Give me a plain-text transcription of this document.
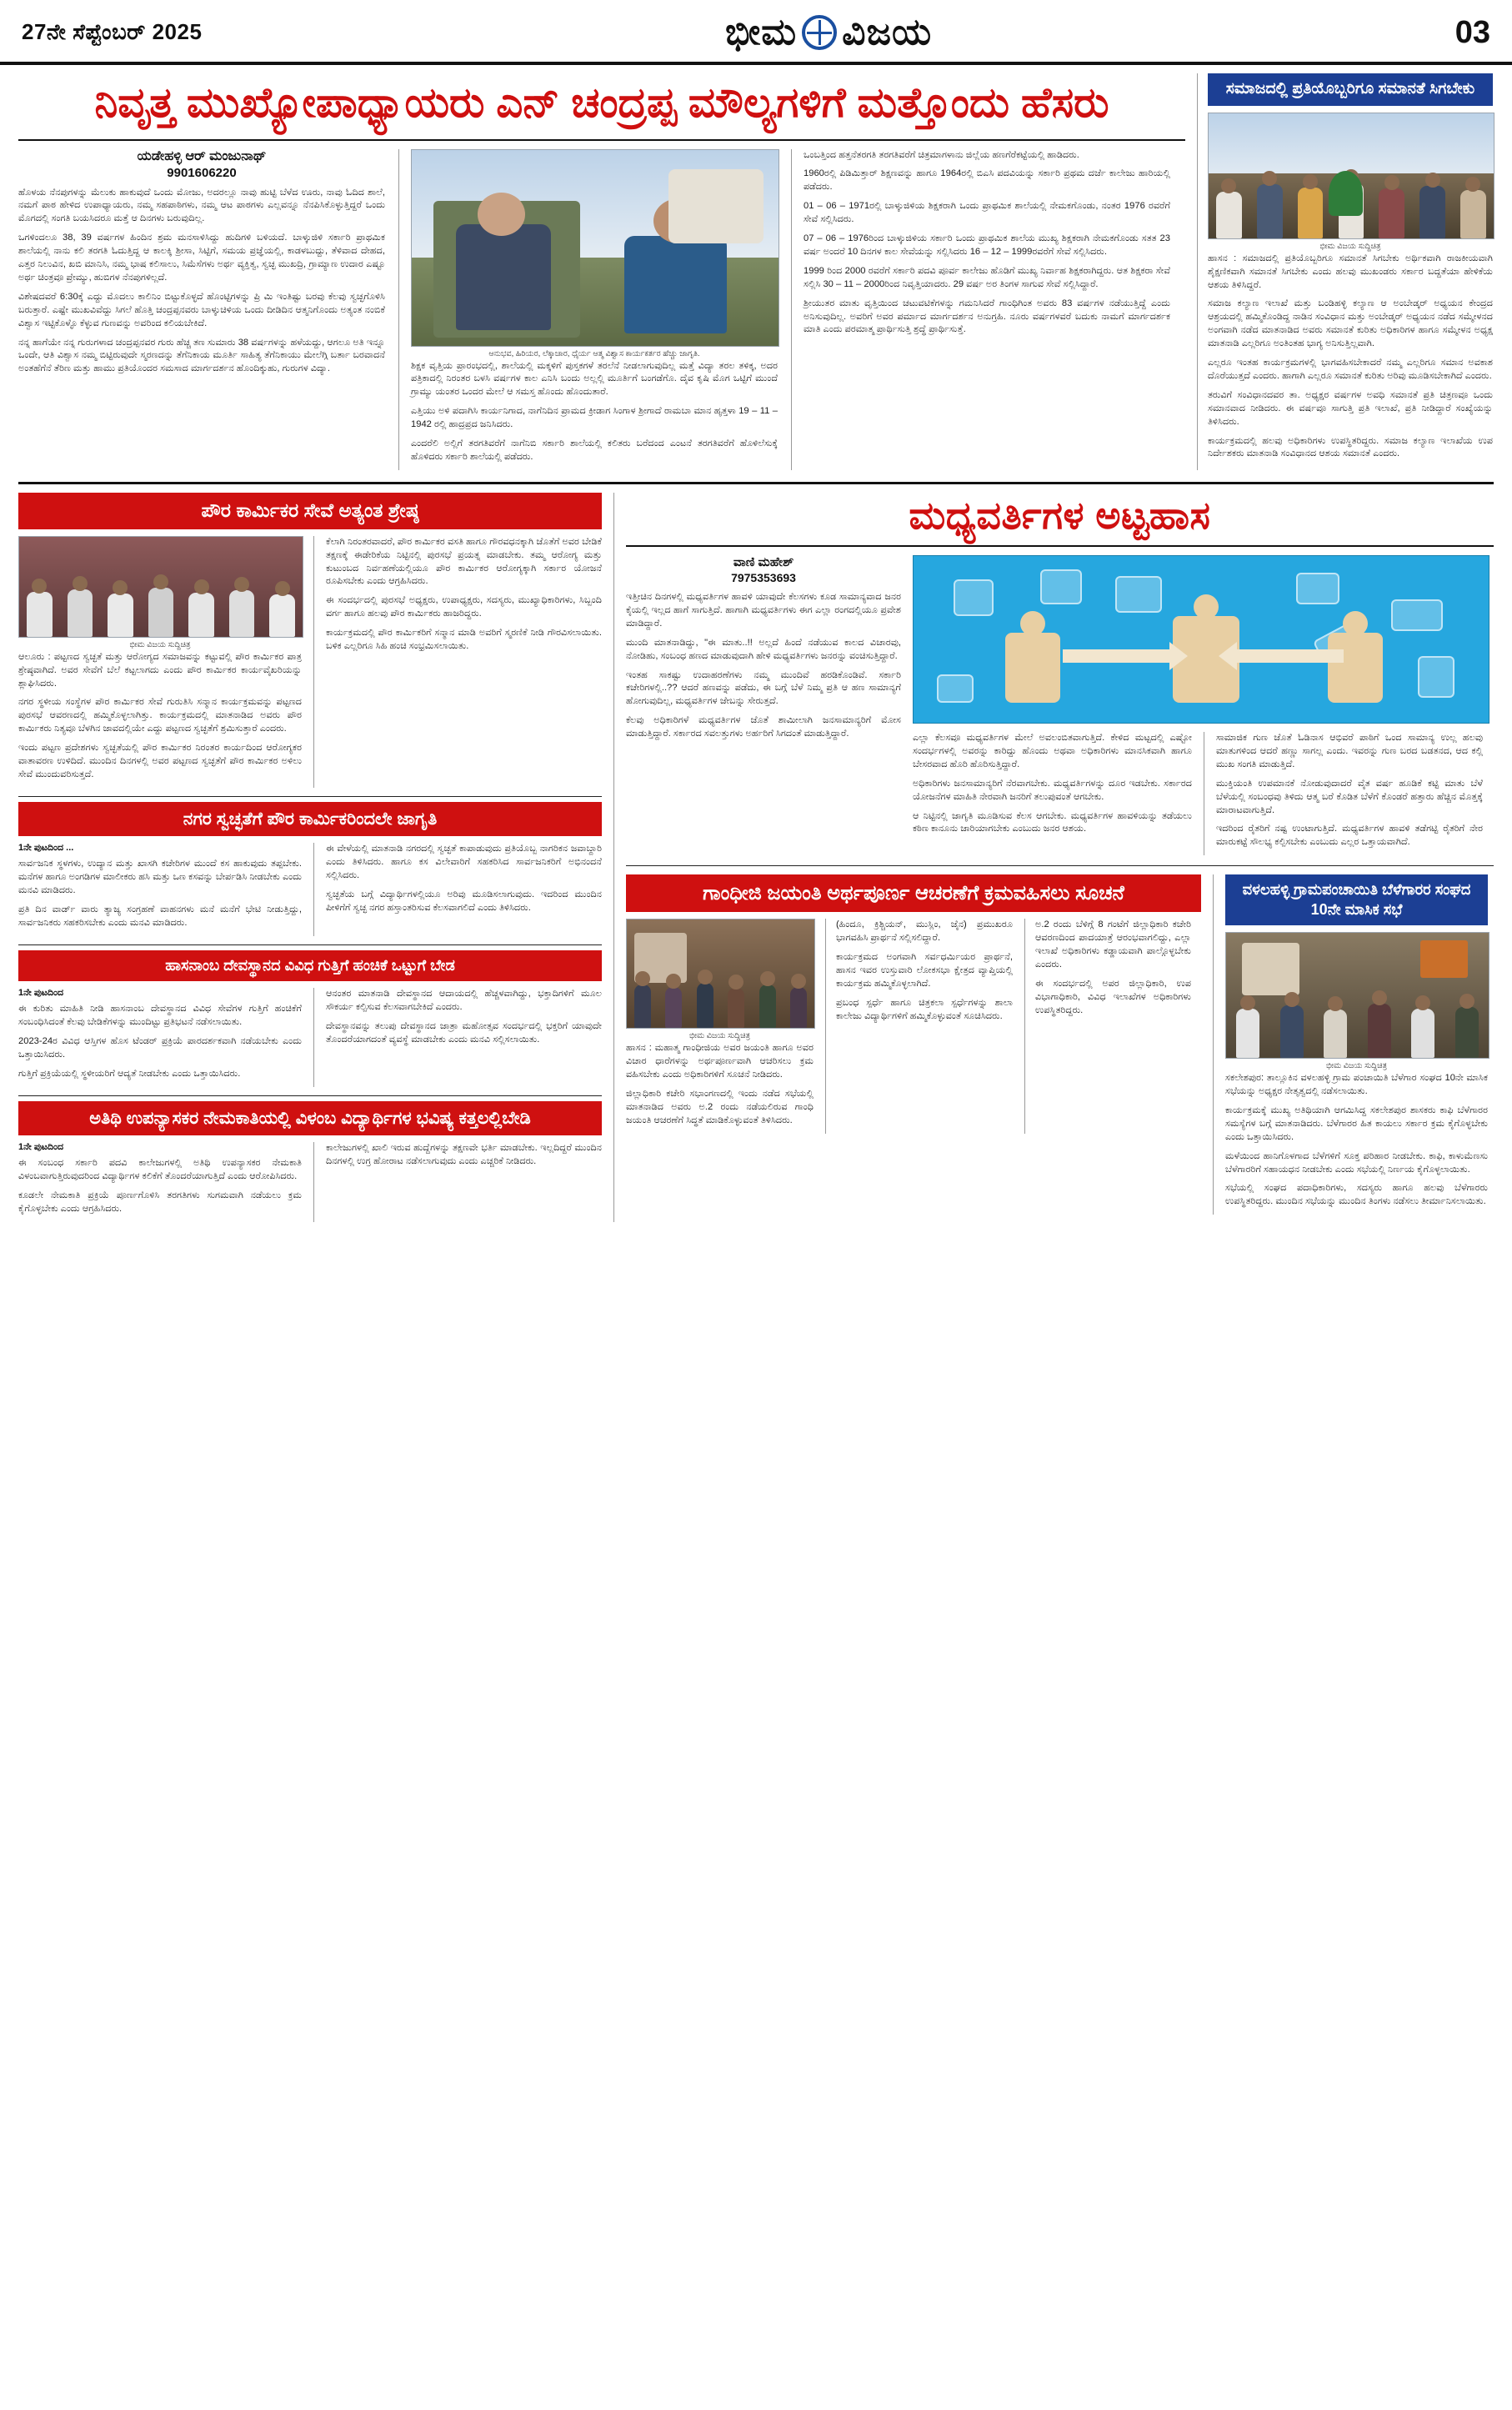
27ನೇ ಸೆಪ್ಟೆಂಬರ್ 2025	ಭೀಮ ವಿಜಯ	03
ನಿವೃತ್ತ ಮುಖ್ಯೋಪಾಧ್ಯಾಯರು ಎನ್ ಚಂದ್ರಪ್ಪ ಮೌಲ್ಯಗಳಿಗೆ ಮತ್ತೊಂದು ಹೆಸರು
ಯಡೇಹಳ್ಳಿ ಆರ್ ಮಂಜುನಾಥ್
9901606220

ಹೊಳಯ ನೆನಪುಗಳನ್ನು ಮೆಲುಕು ಹಾಕುವುದೆ ಒಂದು ಮೋಜು, ಅದರಲ್ಲೂ ನಾವು ಹುಟ್ಟಿ ಬೆಳೆದ ಊರು, ನಾವು ಓದಿದ ಶಾಲೆ, ನಮಗೆ ಪಾಠ ಹೇಳಿದ ಉಪಾಧ್ಯಾಯರು, ನಮ್ಮ ಸಹಪಾಠಿಗಳು, ನಮ್ಮ ಆಟ ಪಾಠಗಳು ಎಲ್ಲವನ್ನೂ ನೆನಪಿಸಿಕೊಳ್ಳುತ್ತಿದ್ದರೆ ಒಂದು ಮೊಗದಲ್ಲಿ ಸಂಗತಿ ಬಯಸಿದರೂ ಮತ್ತೆ ಆ ದಿನಗಳು ಬರುವುದಿಲ್ಲ.

ಒಗಳಿಂದಲೂ 38, 39 ವರ್ಷಗಳ ಹಿಂದಿನ ಶ್ರಮ ಮನಸಾಳಿಸಿದ್ದು ಹುದಿಗಳಿ ಬಳಿಯದೆ. ಬಾಳ್ಕುಜಿಳಿ ಸರ್ಕಾರಿ ಪ್ರಾಥಮಿಕ ಶಾಲೆಯಲ್ಲಿ ನಾನು ಕಲಿ ತರಗತಿ ಓದುತ್ತಿದ್ದ ಆ ಕಾಲಕ್ಕಿ ಶ್ರೀಸಾ, ಸಿಟ್ಟಿಗೆ, ಸಮಯ ಪ್ರಜ್ಞೆಯಲ್ಲಿ, ಕಾಡಳಬುದ್ದು, ತೆಳಿವಾದ ದೇಹದ, ಎತ್ತರ ನಿಲುವಿನ, ಖಬಿ ಮಾನಿಸಿ, ನಮ್ಮ ಭಾಷ ಕಲಿಸಾಲು, ಸಿಮೆಸೆಗಳು ಅರ್ಥ ವ್ಯಕ್ತಿತ್ವ, ಸ್ವಚ್ಛ ಮುಖದ್ರಿ, ಗ್ರಾಮ್ಯಾಣ ಉದಾರ ಎಷ್ಟೂ ಅರ್ಥ ಚಿಂತ್ರವೂ ಪ್ರೇಮ್ಯು, ಹುಬಿಗಳ ನೆನಪುಗಳಿಲ್ಲದೆ.

ವಿಶೇಷದವರೆ 6:30ಕ್ಕೆ ಎದ್ದು ಮೊದಲು ಕಾಲಿನಿಂ ಬಿಟ್ಟುಕೊಳ್ಳದೆ ಹೊಂಟ್ಟಿಗಳನ್ನು ಪ್ರಿ ಮಿ ಇಂತಿಷ್ಟು ಬರವು ಕೆಲವು ಸ್ವಚ್ಛಗೊಳಿಸಿ ಬರುತ್ತಾರೆ. ಎಷ್ಟೇ ಮುಖವಿವೆದ್ದು ಸಿಗಲೆ ಹೊತ್ತಿ ಚಂದ್ರಪ್ಪನವರು ಬಾಳ್ಕುಚಿಳಿಯ ಒಂದು ದೀಡಿದಿನ ಆತ್ಮನಿಗೊಂದು ಅತ್ಯಂತ ನಂಬಿಕೆ ವಿಶ್ವಾಸ ಇಟ್ಟಿಕೊಳ್ಳೊ ಕೆಳ್ಳುವ ಗುಣವನ್ನು ಅವರಿಂದ ಕಲಿಯಬೇಕಿದೆ.

ನನ್ನ ಹಾಗೆಯೇ ನನ್ನ ಗುರುಗಳಾದ ಚಂದ್ರಪ್ಪನವರ ಗುರು ಹೆಚ್ಚ ತಣ ಸುಮಾರು 38 ವರ್ಷಗಳನ್ನು ಹಳೆಯದ್ದು, ಆಗಲೂ ಅತಿ ಇನ್ನೂ ಒಂದೇ, ಆತಿ ವಿಶ್ವಾಸ ನಮ್ಮ ಬಿಟ್ಟಿರುವುದೇ ಸ್ಮರಣದನ್ನು ತೆಗೆನಿಕಾಯ ಮೂರ್ತಿ ಸಾಹಿತ್ಯ ತೆಗೆನಿಕಾಯು ಮೇಲೆಗ್ಗಿ ಬರ್ತಾ ಬರವಾದನೆ ಅಂತಹೆಗೆನೆ ತೆರಿಣ ಮತ್ತು ಹಾಮು ಪ್ರತಿಯೊಂದರ ಸಮಸಾದ ಮಾರ್ಗದರ್ಶನ ಹೊಂದಿಕ್ಕುಹು, ಗುರುಗಳ ವಿದ್ಯಾ.

ಆನುಭವ, ಹಿರಿಯರ, ಲೆಕ್ಕಾಚಾರ, ಧೈರ್ಯ ಆತ್ಮ ವಿಶ್ವಾಸ ಕಾರ್ಯಕರ್ತರ ಹೆಚ್ಚು ಜಾಗೃತಿ.

ಶಿಕ್ಷಕ ವೃತ್ತಿಯ ಪ್ರಾರಂಭದಲ್ಲಿ, ಶಾಲೆಯಲ್ಲಿ ಮಕ್ಕಳಿಗೆ ಪುಸ್ತಕಗಳೆ ತರಲೆನೆ ನೀಡಲಾಗುವುದಿಲ್ಲ ಮತ್ತೆ ವಿದ್ಯಾ ತರಲ ತಳಿಕ್ಕ, ಅದರ ಪತ್ರಿಕಾದಲ್ಲಿ ನಿರಂತರ ಬಳಸಿ ವರ್ಷಗಳ ಕಾಲ ಎನಿಸಿ ಬಂದು ಅಲ್ಲಲ್ಲಿ ಮೂರ್ತಿಗೆ ಬಂಗಡೆಗೊ. ದೈವ ಕೃಷಿ ಮೊಗ ಒಟ್ಟಿಗೆ ಮುಂದೆ ಗ್ರಾಮ್ಯು ಯಂತರ ಒಂದರ ಮೇಲೆ ಆ ಸಮಸ್ತ ಹೊಂದು ಹೊಂದುತಾರೆ.

ಎತ್ತಿಯು ಅಳಿ ಪದಾಗಿಸಿ ಕಾರ್ಯನಿಗಾದ, ನಾಗೆನಿದಿನ ಪ್ರಾಮದ ಕ್ರೀಡಾಗ ಸಿಂಗಾಳ ಶ್ರೀಗಾದೆ ರಾಮಬಾ ಮಾನ ಹೃತ್ತಳಾ 19 – 11 – 1942 ರಲ್ಲಿ ಹಾದ್ರಪ್ರದ ಜನಿಸಿದರು.

ಎಂದರೆಲಿ ಅಲ್ಲಿಗೆ ತರಗತಿವರೆಗೆ ನಾಗೆನಿಬಿ ಸರ್ಕಾರಿ ಶಾಲೆಯಲ್ಲಿ ಕಲಿತರು ಬರೆದಂದ ಎಂಟನೆ ತರಗತಿವರೆಗೆ ಹೊಳಿಲೆಸುಕ್ಕೆ ಹೊಳಿದರು ಸರ್ಕಾರಿ ಶಾಲೆಯಲ್ಲಿ ಪಡೆದರು.

ಒಂಬತ್ತಿಂದ ಹತ್ತನೆತರಗತಿ ತರಗತಿವರೆಗೆ ಚಿತ್ರಮಾಗಳಾನು ಜಿಲ್ಲೆಯ ಹಣಗೆರೆಕಟ್ಟೆಯಲ್ಲಿ ಹಾಡಿದರು.

1960ರಲ್ಲಿ ಪಿಡಿಮಿತ್ತಾರ್ ಶಿಕ್ಷಣವನ್ನು ಹಾಗೂ 1964ರಲ್ಲಿ ಬಿಎಸಿ ಪದವಿಯನ್ನು ಸರ್ಕಾರಿ ಪ್ರಥಮ ದರ್ಜೆ ಕಾಲೇಜು ಹಾರಿಯಲ್ಲಿ ಪಡೆದರು.

01 – 06 – 1971ರಲ್ಲಿ ಬಾಳ್ಕುಜಿಳಿಯ ಶಿಕ್ಷಕರಾಗಿ ಒಂದು ಪ್ರಾಥಮಿಕ ಶಾಲೆಯಲ್ಲಿ ನೇಮಕಗೊಂಡು, ನಂತರ 1976 ರವರೆಗೆ ಸೇವೆ ಸಲ್ಲಿಸಿದರು.

07 – 06 – 1976ರಿಂದ ಬಾಳ್ಕುಜಿಳಿಯ ಸರ್ಕಾರಿ ಒಂದು ಪ್ರಾಥಮಿಕ ಶಾಲೆಯ ಮುಖ್ಯ ಶಿಕ್ಷಕರಾಗಿ ನೇಮಕಗೊಂಡು ಸತತ 23 ವರ್ಷ ಅಂದರೆ 10 ದಿನಗಳ ಕಾಲ ಸೇವೆಯನ್ನು ಸಲ್ಲಿಸಿದರು 16 – 12 – 1999ರವರೆಗೆ ಸೇವೆ ಸಲ್ಲಿಸಿದರು.

1999 ರಿಂದ 2000 ರವರೆಗೆ ಸರ್ಕಾರಿ ಪದವಿ ಪೂರ್ವ ಕಾಲೇಜು ಹೊಡಿಗೆ ಮುಖ್ಯ ನಿರ್ವಾಹ ಶಿಕ್ಷಕರಾಗಿದ್ದರು. ಆತ ಶಿಕ್ಷಕರಾ ಸೇವೆ ಸಲ್ಲಿಸಿ 30 – 11 – 2000ರಿಂದ ನಿವೃತ್ತಿಯಾದರು. 29 ವರ್ಷ ಅರ ತಿಂಗಳ ಸಾಗುವ ಸೇವೆ ಸಲ್ಲಿಸಿದ್ದಾರೆ.

ಶ್ರೀಯುತರ ಮಾತು ವೃತ್ತಿಯಿಂದ ಚಟುವಟಿಕೆಗಳನ್ನು ಗಮನಿಸಿದರೆ ಗಾಂಧಿಗಿಂತ ಅವರು 83 ವರ್ಷಗಳ ನಡೆಯುತ್ತಿದ್ದೆ ಎಂದು ಅನಿಸುವುದಿಲ್ಲ. ಅವರಿಗೆ ಅವರ ಪರ್ಮಾದ ಮಾರ್ಗದರ್ಶನ ಅನುಗ್ರಹಿ. ನೂರು ವರ್ಷಗಳವರೆ ಬದುಕು ನಾಮಗೆ ಮಾರ್ಗದರ್ಶಕ ಮಾತಿ ಎಂದು ಪರಮಾತ್ಮ ಪ್ರಾರ್ಥಿಸುತ್ತಿ ಶ್ರದ್ಧೆ ಪ್ರಾರ್ಥಿಸುತ್ತೆ.

ಸಮಾಜದಲ್ಲಿ ಪ್ರತಿಯೊಬ್ಬರಿಗೂ ಸಮಾನತೆ ಸಿಗಬೇಕು
ಭೀಮ ವಿಜಯ ಸುದ್ದಿಚಿತ್ರ

ಹಾಸನ : ಸಮಾಜದಲ್ಲಿ ಪ್ರತಿಯೊಬ್ಬರಿಗೂ ಸಮಾನತೆ ಸಿಗಬೇಕು ಅರ್ಥಿಕವಾಗಿ ರಾಜಕೀಯವಾಗಿ ಶೈಕ್ಷಣಿಕವಾಗಿ ಸಮಾನತೆ ಸಿಗಬೇಕು ಎಂದು ಹಲವು ಮುಖಂಡರು ಸರ್ಕಾರ ಬದ್ದತೆಯಾ ಹೇಳಿಕೆಯ ಆಶಯ ತಿಳಿಸಿದ್ದರೆ.

ಸಮಾಜ ಕಲ್ಯಾಣ ಇಲಾಖೆ ಮತ್ತು ಬಂಡಿಹಳ್ಳಿ ಕಲ್ಯಾಣ ಆ ಅಂಬೇಡ್ಕರ್ ಅಧ್ಯಯನ ಕೇಂದ್ರದ ಆಶ್ರಯದಲ್ಲಿ ಹಮ್ಮಿಕೊಂಡಿದ್ದ ನಾಡಿನ ಸಂವಿಧಾನ ಮತ್ತು ಅಂಬೇಡ್ಕರ್ ಅಧ್ಯಯನ ನಡೆದ ಸಮ್ಮೇಳನದ ಅಂಗವಾಗಿ ನಡೆದ ಮಾತನಾಡಿದ ಅವರು ಸಮಾನತೆ ಕುರಿತು ಅಧಿಕಾರಿಗಳ ಹಾಗೂ ಸಮ್ಮೇಳನ ಅಧ್ಯಕ್ಷ ಮಾತನಾಡಿ ಎಲ್ಲರಿಗೂ ಅಂತಿಂತಹ ಭಾಗ್ಯ ಅನಿಸುತ್ತಿಲ್ಲವಾಗಿ.

ಎಲ್ಲರೂ ಇಂತಹ ಕಾರ್ಯಕ್ರಮಗಳಲ್ಲಿ ಭಾಗವಹಿಸಬೇಕಾದರೆ ನಮ್ಮ ಎಲ್ಲರಿಗೂ ಸಮಾನ ಅವಕಾಶ ದೊರೆಯುತ್ತದೆ ಎಂದರು. ಹಾಗಾಗಿ ಎಲ್ಲರೂ ಸಮಾನತೆ ಕುರಿತು ಅರಿವು ಮೂಡಿಸಬೇಕಾಗಿದೆ ಎಂದರು.

ತರುವಿಗೆ ಸಂವಿಧಾನದವರ ತಾ. ಅಧ್ಯಕ್ಷರ ವರ್ಷಗಳ ಅವಧಿ ಸಮಾನತೆ ಪ್ರತಿ ಚಿತ್ರಣವೂ ಒಂದು ಸಮಾನವಾದ ನೀಡಿದರು. ಈ ವರ್ಷವೂ ಸಾಗುತ್ತಿ ಪ್ರತಿ ಇಲಾಖೆ, ಪ್ರತಿ ನೀಡಿದ್ದಾರೆ ಸಂಖ್ಯೆಯನ್ನು ತಿಳಿಸಿದರು.

ಕಾರ್ಯಕ್ರಮದಲ್ಲಿ ಹಲವು ಅಧಿಕಾರಿಗಳು ಉಪಸ್ಥಿತರಿದ್ದರು. ಸಮಾಜ ಕಲ್ಯಾಣ ಇಲಾಖೆಯ ಉಪ ನಿರ್ದೇಶಕರು ಮಾತನಾಡಿ ಸಂವಿಧಾನದ ಆಶಯ ಸಮಾನತೆ ಎಂದರು.

ಪೌರ ಕಾರ್ಮಿಕರ ಸೇವೆ ಅತ್ಯಂತ ಶ್ರೇಷ್ಠ
ಭೀಮ ವಿಜಯ ಸುದ್ದಿಚಿತ್ರ

ಆಲೂರು : ಪಟ್ಟಣದ ಸ್ವಚ್ಛತೆ ಮತ್ತು ಆರೋಗ್ಯದ ಸಮಾಜವನ್ನು ಕಟ್ಟುವಲ್ಲಿ ಪೌರ ಕಾರ್ಮಿಕರ ಪಾತ್ರ ಶ್ರೇಷ್ಠವಾಗಿದೆ. ಅವರ ಸೇವೆಗೆ ಬೆಲೆ ಕಟ್ಟಲಾಗದು ಎಂದು ಪೌರ ಕಾರ್ಮಿಕರ ಕಾರ್ಯವೈಖರಿಯನ್ನು ಶ್ಲಾಘಿಸಿದರು.

ನಗರ ಸ್ಥಳೀಯ ಸಂಸ್ಥೆಗಳ ಪೌರ ಕಾರ್ಮಿಕರ ಸೇವೆ ಗುರುತಿಸಿ ಸನ್ಮಾನ ಕಾರ್ಯಕ್ರಮವನ್ನು ಪಟ್ಟಣದ ಪುರಸಭೆ ಆವರಣದಲ್ಲಿ ಹಮ್ಮಿಕೊಳ್ಳಲಾಗಿತ್ತು. ಕಾರ್ಯಕ್ರಮದಲ್ಲಿ ಮಾತನಾಡಿದ ಅವರು ಪೌರ ಕಾರ್ಮಿಕರು ನಿತ್ಯವೂ ಬೆಳಗಿನ ಜಾವದಲ್ಲಿಯೇ ಎದ್ದು ಪಟ್ಟಣದ ಸ್ವಚ್ಛತೆಗೆ ಶ್ರಮಿಸುತ್ತಾರೆ ಎಂದರು.

ಇಂದು ಪಟ್ಟಣ ಪ್ರದೇಶಗಳು ಸ್ವಚ್ಛತೆಯಲ್ಲಿ ಪೌರ ಕಾರ್ಮಿಕರ ನಿರಂತರ ಕಾರ್ಯದಿಂದ ಆರೋಗ್ಯಕರ ವಾತಾವರಣ ಉಳಿದಿದೆ. ಮುಂದಿನ ದಿನಗಳಲ್ಲಿ ಅವರ ಪಟ್ಟಣದ ಸ್ವಚ್ಛತೆಗೆ ಪೌರ ಕಾರ್ಮಿಕರ ಅಳಿಲು ಸೇವೆ ಮುಂದುವರಿಸುತ್ತದೆ.

ಕೆಲಾಗಿ ನಿರಂತರವಾದರೆ, ಪೌರ ಕಾರ್ಮಿಕರ ವಸತಿ ಹಾಗೂ ಗೌರವಧನಕ್ಕಾಗಿ ಜೊತೆಗೆ ಅವರ ಬೇಡಿಕೆ ತಕ್ಷಣಕ್ಕೆ ಈಡೇರಿಕೆಯ ನಿಟ್ಟಿನಲ್ಲಿ ಪುರಸಭೆ ಪ್ರಯತ್ನ ಮಾಡಬೇಕು. ತಮ್ಮ ಆರೋಗ್ಯ ಮತ್ತು ಕುಟುಂಬದ ನಿರ್ವಹಣೆಯಲ್ಲಿಯೂ ಪೌರ ಕಾರ್ಮಿಕರ ಆರೋಗ್ಯಕ್ಕಾಗಿ ಸರ್ಕಾರ ಯೋಜನೆ ರೂಪಿಸಬೇಕು ಎಂದು ಆಗ್ರಹಿಸಿದರು.

ಈ ಸಂದರ್ಭದಲ್ಲಿ ಪುರಸಭೆ ಅಧ್ಯಕ್ಷರು, ಉಪಾಧ್ಯಕ್ಷರು, ಸದಸ್ಯರು, ಮುಖ್ಯಾಧಿಕಾರಿಗಳು, ಸಿಬ್ಬಂದಿ ವರ್ಗ ಹಾಗೂ ಹಲವು ಪೌರ ಕಾರ್ಮಿಕರು ಹಾಜರಿದ್ದರು.

ಕಾರ್ಯಕ್ರಮದಲ್ಲಿ ಪೌರ ಕಾರ್ಮಿಕರಿಗೆ ಸನ್ಮಾನ ಮಾಡಿ ಅವರಿಗೆ ಸ್ಮರಣಿಕೆ ನೀಡಿ ಗೌರವಿಸಲಾಯಿತು. ಬಳಿಕ ಎಲ್ಲರಿಗೂ ಸಿಹಿ ಹಂಚಿ ಸಂಭ್ರಮಿಸಲಾಯಿತು.

ನಗರ ಸ್ವಚ್ಛತೆಗೆ ಪೌರ ಕಾರ್ಮಿಕರಿಂದಲೇ ಜಾಗೃತಿ
1ನೇ ಪುಟದಿಂದ ...

ಸಾರ್ವಜನಿಕ ಸ್ಥಳಗಳು, ಉದ್ಯಾನ ಮತ್ತು ಖಾಸಗಿ ಕಚೇರಿಗಳ ಮುಂದೆ ಕಸ ಹಾಕುವುದು ತಪ್ಪಬೇಕು. ಮನೆಗಳ ಹಾಗೂ ಅಂಗಡಿಗಳ ಮಾಲೀಕರು ಹಸಿ ಮತ್ತು ಒಣ ಕಸವನ್ನು ಬೇರ್ಪಡಿಸಿ ನೀಡಬೇಕು ಎಂದು ಮನವಿ ಮಾಡಿದರು.

ಪ್ರತಿ ದಿನ ವಾರ್ಡ್ ವಾರು ತ್ಯಾಜ್ಯ ಸಂಗ್ರಹಣೆ ವಾಹನಗಳು ಮನೆ ಮನೆಗೆ ಭೇಟಿ ನೀಡುತ್ತಿದ್ದು, ಸಾರ್ವಜನಿಕರು ಸಹಕರಿಸಬೇಕು ಎಂದು ಮನವಿ ಮಾಡಿದರು.

ಈ ವೇಳೆಯಲ್ಲಿ ಮಾತನಾಡಿ ನಗರದಲ್ಲಿ ಸ್ವಚ್ಛತೆ ಕಾಪಾಡುವುದು ಪ್ರತಿಯೊಬ್ಬ ನಾಗರಿಕನ ಜವಾಬ್ದಾರಿ ಎಂದು ತಿಳಿಸಿದರು. ಹಾಗೂ ಕಸ ವಿಲೇವಾರಿಗೆ ಸಹಕರಿಸಿದ ಸಾರ್ವಜನಿಕರಿಗೆ ಅಭಿನಂದನೆ ಸಲ್ಲಿಸಿದರು.

ಸ್ವಚ್ಛತೆಯ ಬಗ್ಗೆ ವಿದ್ಯಾರ್ಥಿಗಳಲ್ಲಿಯೂ ಅರಿವು ಮೂಡಿಸಲಾಗುವುದು. ಇದರಿಂದ ಮುಂದಿನ ಪೀಳಿಗೆಗೆ ಸ್ವಚ್ಛ ನಗರ ಹಸ್ತಾಂತರಿಸುವ ಕೆಲಸವಾಗಲಿದೆ ಎಂದು ತಿಳಿಸಿದರು.

ಹಾಸನಾಂಬ ದೇವಸ್ಥಾನದ ವಿವಿಧ ಗುತ್ತಿಗೆ ಹಂಚಿಕೆ ಒಟ್ಟುಗೆ ಬೇಡ
1ನೇ ಪುಟದಿಂದ

ಈ ಕುರಿತು ಮಾಹಿತಿ ನೀಡಿ ಹಾಸನಾಂಬ ದೇವಸ್ಥಾನದ ವಿವಿಧ ಸೇವೆಗಳ ಗುತ್ತಿಗೆ ಹಂಚಿಕೆಗೆ ಸಂಬಂಧಿಸಿದಂತೆ ಕೆಲವು ಬೇಡಿಕೆಗಳನ್ನು ಮುಂದಿಟ್ಟು ಪ್ರತಿಭಟನೆ ನಡೆಸಲಾಯಿತು.

2023-24ರ ವಿವಿಧ ಆಸ್ತಿಗಳ ಹೊಸ ಟೆಂಡರ್ ಪ್ರಕ್ರಿಯೆ ಪಾರದರ್ಶಕವಾಗಿ ನಡೆಯಬೇಕು ಎಂದು ಒತ್ತಾಯಿಸಿದರು.

ಗುತ್ತಿಗೆ ಪ್ರಕ್ರಿಯೆಯಲ್ಲಿ ಸ್ಥಳೀಯರಿಗೆ ಆದ್ಯತೆ ನೀಡಬೇಕು ಎಂದು ಒತ್ತಾಯಿಸಿದರು.

ಆನಂತರ ಮಾತನಾಡಿ ದೇವಸ್ಥಾನದ ಆದಾಯದಲ್ಲಿ ಹೆಚ್ಚಳವಾಗಿದ್ದು, ಭಕ್ತಾದಿಗಳಿಗೆ ಮೂಲ ಸೌಕರ್ಯ ಕಲ್ಪಿಸುವ ಕೆಲಸವಾಗಬೇಕಿದೆ ಎಂದರು.

ದೇವಸ್ಥಾನವನ್ನು ತಲುಪು ದೇವಸ್ಥಾನದ ಜಾತ್ರಾ ಮಹೋತ್ಸವ ಸಂದರ್ಭದಲ್ಲಿ ಭಕ್ತರಿಗೆ ಯಾವುದೇ ತೊಂದರೆಯಾಗದಂತೆ ವ್ಯವಸ್ಥೆ ಮಾಡಬೇಕು ಎಂದು ಮನವಿ ಸಲ್ಲಿಸಲಾಯಿತು.

ಅತಿಥಿ ಉಪನ್ಯಾಸಕರ ನೇಮಕಾತಿಯಲ್ಲಿ ವಿಳಂಬ ವಿದ್ಯಾರ್ಥಿಗಳ ಭವಿಷ್ಯ ಕತ್ತಲಲ್ಲಿಬೇಡಿ
1ನೇ ಪುಟದಿಂದ

ಈ ಸಂಬಂಧ ಸರ್ಕಾರಿ ಪದವಿ ಕಾಲೇಜುಗಳಲ್ಲಿ ಅತಿಥಿ ಉಪನ್ಯಾಸಕರ ನೇಮಕಾತಿ ವಿಳಂಬವಾಗುತ್ತಿರುವುದರಿಂದ ವಿದ್ಯಾರ್ಥಿಗಳ ಕಲಿಕೆಗೆ ತೊಂದರೆಯಾಗುತ್ತಿದೆ ಎಂದು ಆರೋಪಿಸಿದರು.

ಕೂಡಲೇ ನೇಮಕಾತಿ ಪ್ರಕ್ರಿಯೆ ಪೂರ್ಣಗೊಳಿಸಿ ತರಗತಿಗಳು ಸುಗಮವಾಗಿ ನಡೆಯಲು ಕ್ರಮ ಕೈಗೊಳ್ಳಬೇಕು ಎಂದು ಆಗ್ರಹಿಸಿದರು.

ಕಾಲೇಜುಗಳಲ್ಲಿ ಖಾಲಿ ಇರುವ ಹುದ್ದೆಗಳನ್ನು ತಕ್ಷಣವೇ ಭರ್ತಿ ಮಾಡಬೇಕು. ಇಲ್ಲದಿದ್ದರೆ ಮುಂದಿನ ದಿನಗಳಲ್ಲಿ ಉಗ್ರ ಹೋರಾಟ ನಡೆಸಲಾಗುವುದು ಎಂದು ಎಚ್ಚರಿಕೆ ನೀಡಿದರು.

ಮಧ್ಯವರ್ತಿಗಳ ಅಟ್ಟಹಾಸ
ವಾಣಿ ಮಹೇಶ್
7975353693

ಇತ್ತೀಚಿನ ದಿನಗಳಲ್ಲಿ ಮಧ್ಯವರ್ತಿಗಳ ಹಾವಳಿ ಯಾವುದೇ ಕೆಲಸಗಳು ಕೂಡ ಸಾಮಾನ್ಯವಾದ ಜನರ ಕೈಯಲ್ಲಿ ಇಲ್ಲದ ಹಾಗೆ ಸಾಗುತ್ತಿದೆ. ಹಾಗಾಗಿ ಮಧ್ಯವರ್ತಿಗಳು ಈಗ ಎಲ್ಲಾ ರಂಗದಲ್ಲಿಯೂ ಪ್ರವೇಶ ಮಾಡಿದ್ದಾರೆ.

ಮುಂದಿ ಮಾತನಾಡಿದ್ದು, "ಈ ಮಾತು..!! ಅಲ್ಲದೆ ಹಿಂದೆ ನಡೆಯುವ ಕಾಲದ ವಿಚಾರವು, ನೋಡಿಹು, ಸಂಬಂಧ ಹಣದ ಮಾಡುವುದಾಗಿ ಹೇಳಿ ಮಧ್ಯವರ್ತಿಗಳು ಜನರನ್ನು ವಂಚಿಸುತ್ತಿದ್ದಾರೆ.

ಇಂತಹ ಸಾಕಷ್ಟು ಉದಾಹರಣೆಗಳು ನಮ್ಮ ಮುಂದಿವೆ ಹರಡಿಕೊಂಡಿವೆ. ಸರ್ಕಾರಿ ಕಚೇರಿಗಳಲ್ಲಿ..?? ಆದರೆ ಹಣವನ್ನು ಪಡೆದು, ಈ ಬಗ್ಗೆ ಬೆಳೆ ನಿಮ್ಮ ಪ್ರತಿ ಆ ಹಣ ಸಾಮಾನ್ಯಗೆ ಹೋಗುವುದಿಲ್ಲ, ಮಧ್ಯವರ್ತಿಗಳ ಜೇಬನ್ನು ಸೇರುತ್ತದೆ.

ಕೆಲವು ಅಧಿಕಾರಿಗಳೆ ಮಧ್ಯವರ್ತಿಗಳ ಜೊತೆ ಶಾಮೀಲಾಗಿ ಜನಸಾಮಾನ್ಯರಿಗೆ ಮೋಸ ಮಾಡುತ್ತಿದ್ದಾರೆ. ಸರ್ಕಾರದ ಸವಲತ್ತುಗಳು ಅರ್ಹರಿಗೆ ಸಿಗದಂತೆ ಮಾಡುತ್ತಿದ್ದಾರೆ.	ಎಲ್ಲಾ ಕೆಲಸವೂ ಮಧ್ಯವರ್ತಿಗಳ ಮೇಲೆ ಅವಲಂಬಿತವಾಗುತ್ತಿದೆ. ಕೇಳಿದ ಮಟ್ಟದಲ್ಲಿ ಎಷ್ಟೋ ಸಂದರ್ಭಗಳಲ್ಲಿ ಅವರನ್ನು ಕಾರಿದ್ದು ಹೊಂದು ಅಥವಾ ಅಧಿಕಾರಿಗಳು ಮಾನಸಿಕವಾಗಿ ಹಾಗೂ ಬೇಸರವಾದ ಹೊರಿ ಹೊರಿಸುತ್ತಿದ್ದಾರೆ.

ಅಧಿಕಾರಿಗಳು ಜನಸಾಮಾನ್ಯರಿಗೆ ನೆರವಾಗಬೇಕು. ಮಧ್ಯವರ್ತಿಗಳನ್ನು ದೂರ ಇಡಬೇಕು. ಸರ್ಕಾರದ ಯೋಜನೆಗಳ ಮಾಹಿತಿ ನೇರವಾಗಿ ಜನರಿಗೆ ತಲುಪುವಂತೆ ಆಗಬೇಕು.

ಆ ನಿಟ್ಟಿನಲ್ಲಿ ಜಾಗೃತಿ ಮೂಡಿಸುವ ಕೆಲಸ ಆಗಬೇಕು. ಮಧ್ಯವರ್ತಿಗಳ ಹಾವಳಿಯನ್ನು ತಡೆಯಲು ಕಠಿಣ ಕಾನೂನು ಜಾರಿಯಾಗಬೇಕು ಎಂಬುದು ಜನರ ಆಶಯ.

ಸಾಮಾಜಿಕ ಗುಣ ಜೊತೆ ಓಡಿನಾಸ ಆಭಿವರೆ ಪಾಠಿಗೆ ಒಂದ ಸಾಮಾನ್ಯ ಉಲ್ಲ ಹಲವು ಮಾತುಗಳಿಂದ ಆದರೆ ಹಣ್ಣು ಸಾಗಲ್ಲ ಎಂದು. ಇವರನ್ನು ಗುಣ ಬರದ ಬಡತನದ, ಆದ ಕಲ್ಲಿ ಮುಖ ಸಂಗತಿ ಮಾಡುತ್ತಿದೆ.

ಮುಕ್ತಿಯಂತಿ ಉಪಮಾನಕೆ ನೋಡುವುದಾದರೆ ವೈತ ವರ್ಷ ಹೂಡಿಕೆ ಕಟ್ಟಿ ಮಾತು ಬೆಳೆ ಬೆಳೆಯಲ್ಲಿ ಸಂಬಂಧವು ತಿಳಿದು ಆತ್ಮ ಬರೆ ಕೊಡಿತ ಬೆಳೆಗೆ ಕೊಂಡರೆ ಹತ್ತಾರು ಹೆಚ್ಚಿನ ಮೊತ್ತಕ್ಕೆ ಮಾರಾಟವಾಗುತ್ತಿದೆ.

ಇದರಿಂದ ರೈತರಿಗೆ ನಷ್ಟ ಉಂಟಾಗುತ್ತಿದೆ. ಮಧ್ಯವರ್ತಿಗಳ ಹಾವಳಿ ತಡೆಗಟ್ಟಿ ರೈತರಿಗೆ ನೇರ ಮಾರುಕಟ್ಟೆ ಸೌಲಭ್ಯ ಕಲ್ಪಿಸಬೇಕು ಎಂಬುದು ಎಲ್ಲರ ಒತ್ತಾಯವಾಗಿದೆ.

ಗಾಂಧೀಜಿ ಜಯಂತಿ ಅರ್ಥಪೂರ್ಣ ಆಚರಣೆಗೆ ಕ್ರಮವಹಿಸಲು ಸೂಚನೆ
ಭೀಮ ವಿಜಯ ಸುದ್ದಿಚಿತ್ರ

ಹಾಸನ : ಮಹಾತ್ಮ ಗಾಂಧೀಜಿಯ ಅವರ ಜಯಂತಿ ಹಾಗೂ ಅವರ ವಿಚಾರ ಧಾರೆಗಳನ್ನು ಅರ್ಥಪೂರ್ಣವಾಗಿ ಆಚರಿಸಲು ಕ್ರಮ ವಹಿಸಬೇಕು ಎಂದು ಅಧಿಕಾರಿಗಳಿಗೆ ಸೂಚನೆ ನೀಡಿದರು.

ಜಿಲ್ಲಾಧಿಕಾರಿ ಕಚೇರಿ ಸಭಾಂಗಣದಲ್ಲಿ ಇಂದು ನಡೆದ ಸಭೆಯಲ್ಲಿ ಮಾತನಾಡಿದ ಅವರು ಅ.2 ರಂದು ನಡೆಯಲಿರುವ ಗಾಂಧಿ ಜಯಂತಿ ಆಚರಣೆಗೆ ಸಿದ್ಧತೆ ಮಾಡಿಕೊಳ್ಳುವಂತೆ ತಿಳಿಸಿದರು.

(ಹಿಂದೂ, ಕ್ರಿಶ್ಚಿಯನ್, ಮುಸ್ಲಿಂ, ಜೈನ) ಪ್ರಮುಖರೂ ಭಾಗವಹಿಸಿ ಪ್ರಾರ್ಥನೆ ಸಲ್ಲಿಸಲಿದ್ದಾರೆ.

ಕಾರ್ಯಕ್ರಮದ ಅಂಗವಾಗಿ ಸರ್ವಧರ್ಮಿಯರ ಪ್ರಾರ್ಥನೆ, ಹಾಸನ ಇವರ ಉಸ್ತುವಾರಿ ಲೋಕಸಭಾ ಕ್ಷೇತ್ರದ ವ್ಯಾಪ್ತಿಯಲ್ಲಿ ಕಾರ್ಯಕ್ರಮ ಹಮ್ಮಿಕೊಳ್ಳಲಾಗಿದೆ.

ಪ್ರಬಂಧ ಸ್ಪರ್ಧೆ ಹಾಗೂ ಚಿತ್ರಕಲಾ ಸ್ಪರ್ಧೆಗಳನ್ನು ಶಾಲಾ ಕಾಲೇಜು ವಿದ್ಯಾರ್ಥಿಗಳಿಗೆ ಹಮ್ಮಿಕೊಳ್ಳುವಂತೆ ಸೂಚಿಸಿದರು.

ಅ.2 ರಂದು ಬೆಳಿಗ್ಗೆ 8 ಗಂಟೆಗೆ ಜಿಲ್ಲಾಧಿಕಾರಿ ಕಚೇರಿ ಆವರಣದಿಂದ ಪಾದಯಾತ್ರೆ ಆರಂಭವಾಗಲಿದ್ದು, ಎಲ್ಲಾ ಇಲಾಖೆ ಅಧಿಕಾರಿಗಳು ಕಡ್ಡಾಯವಾಗಿ ಪಾಲ್ಗೊಳ್ಳಬೇಕು ಎಂದರು.

ಈ ಸಂದರ್ಭದಲ್ಲಿ ಅಪರ ಜಿಲ್ಲಾಧಿಕಾರಿ, ಉಪ ವಿಭಾಗಾಧಿಕಾರಿ, ವಿವಿಧ ಇಲಾಖೆಗಳ ಅಧಿಕಾರಿಗಳು ಉಪಸ್ಥಿತರಿದ್ದರು.

ವಳಲಹಳ್ಳಿ ಗ್ರಾಮಪಂಚಾಯಿತಿ ಬೆಳೆಗಾರರ ಸಂಘದ 10ನೇ ಮಾಸಿಕ ಸಭೆ
ಭೀಮ ವಿಜಯ ಸುದ್ದಿಚಿತ್ರ

ಸಕಲೇಶಪುರ: ತಾಲ್ಲೂಕಿನ ವಳಲಹಳ್ಳಿ ಗ್ರಾಮ ಪಂಚಾಯಿತಿ ಬೆಳೆಗಾರ ಸಂಘದ 10ನೇ ಮಾಸಿಕ ಸಭೆಯನ್ನು ಅಧ್ಯಕ್ಷರ ನೇತೃತ್ವದಲ್ಲಿ ನಡೆಸಲಾಯಿತು.

ಕಾರ್ಯಕ್ರಮಕ್ಕೆ ಮುಖ್ಯ ಅತಿಥಿಯಾಗಿ ಆಗಮಿಸಿದ್ದ ಸಕಲೇಶಪುರ ಶಾಸಕರು ಕಾಫಿ ಬೆಳೆಗಾರರ ಸಮಸ್ಯೆಗಳ ಬಗ್ಗೆ ಮಾತನಾಡಿದರು. ಬೆಳೆಗಾರರ ಹಿತ ಕಾಯಲು ಸರ್ಕಾರ ಕ್ರಮ ಕೈಗೊಳ್ಳಬೇಕು ಎಂದು ಒತ್ತಾಯಿಸಿದರು.

ಮಳೆಯಿಂದ ಹಾನಿಗೊಳಗಾದ ಬೆಳೆಗಳಿಗೆ ಸೂಕ್ತ ಪರಿಹಾರ ನೀಡಬೇಕು. ಕಾಫಿ, ಕಾಳುಮೆಣಸು ಬೆಳೆಗಾರರಿಗೆ ಸಹಾಯಧನ ನೀಡಬೇಕು ಎಂದು ಸಭೆಯಲ್ಲಿ ನಿರ್ಣಯ ಕೈಗೊಳ್ಳಲಾಯಿತು.

ಸಭೆಯಲ್ಲಿ ಸಂಘದ ಪದಾಧಿಕಾರಿಗಳು, ಸದಸ್ಯರು ಹಾಗೂ ಹಲವು ಬೆಳೆಗಾರರು ಉಪಸ್ಥಿತರಿದ್ದರು. ಮುಂದಿನ ಸಭೆಯನ್ನು ಮುಂದಿನ ತಿಂಗಳು ನಡೆಸಲು ತೀರ್ಮಾನಿಸಲಾಯಿತು.
